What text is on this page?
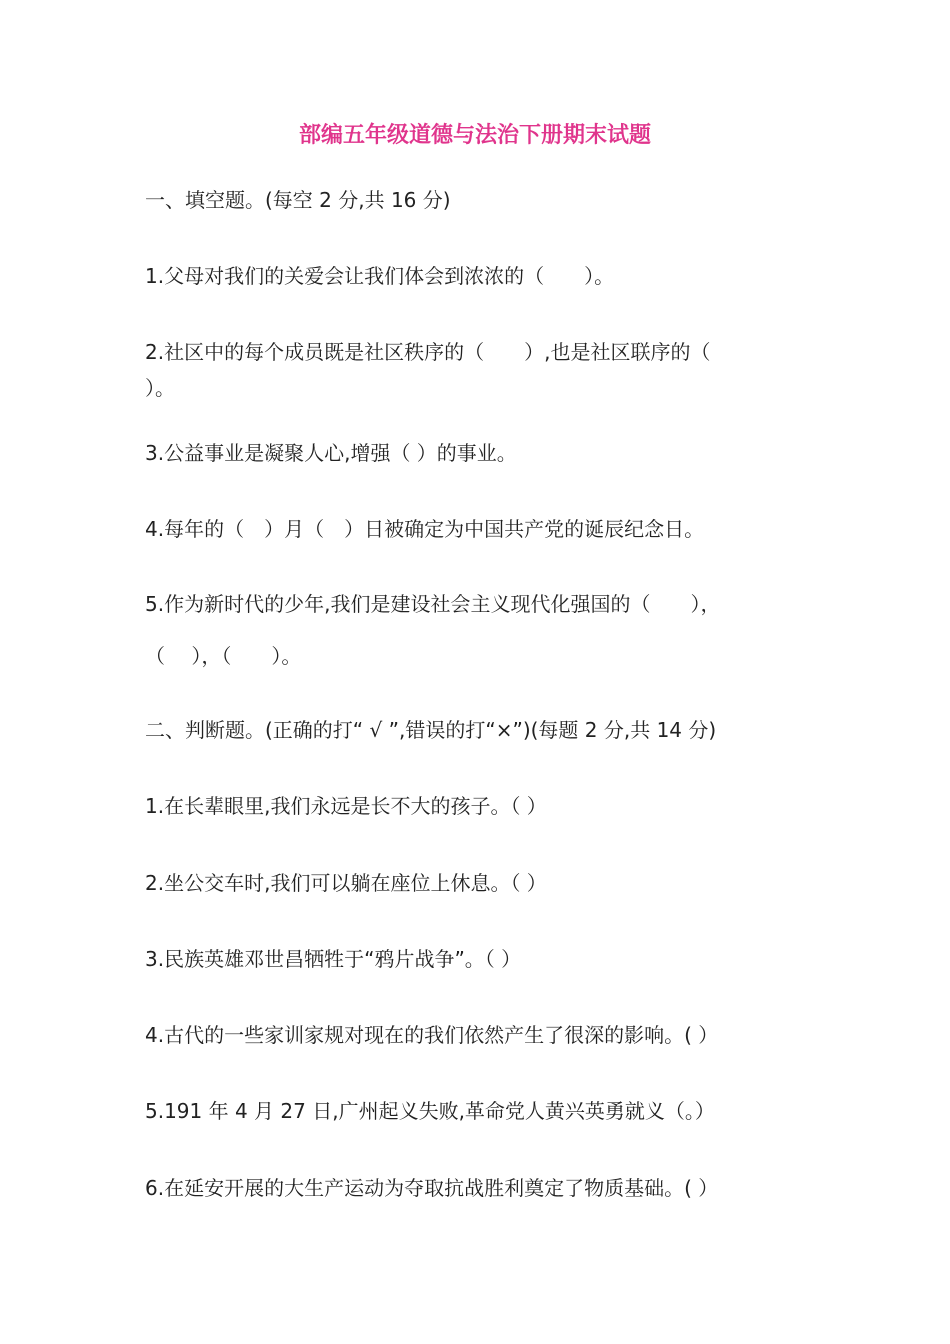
部编五年级道德与法治下册期末试题
一、填空题。(每空 2 分,共 16 分)
1.父母对我们的关爱会让我们体会到浓浓的（　　）。
2.社区中的每个成员既是社区秩序的（　　）,也是社区联序的（
）。
3.公益事业是凝聚人心,增强（ ）的事业。
4.每年的（　）月（　）日被确定为中国共产党的诞辰纪念日。
5.作为新时代的少年,我们是建设社会主义现代化强国的（　　），
（　 ），（　　）。
二、判断题。(正确的打“ √ ”,错误的打“×”)(每题 2 分,共 14 分)
1.在长辈眼里,我们永远是长不大的孩子。（ ）
2.坐公交车时,我们可以躺在座位上休息。（ ）
3.民族英雄邓世昌牺牲于“鸦片战争”。（ ）
4.古代的一些家训家规对现在的我们依然产生了很深的影响。( ）
5.191 年 4 月 27 日,广州起义失败,革命党人黄兴英勇就义（。）
6.在延安开展的大生产运动为夺取抗战胜利奠定了物质基础。( ）
